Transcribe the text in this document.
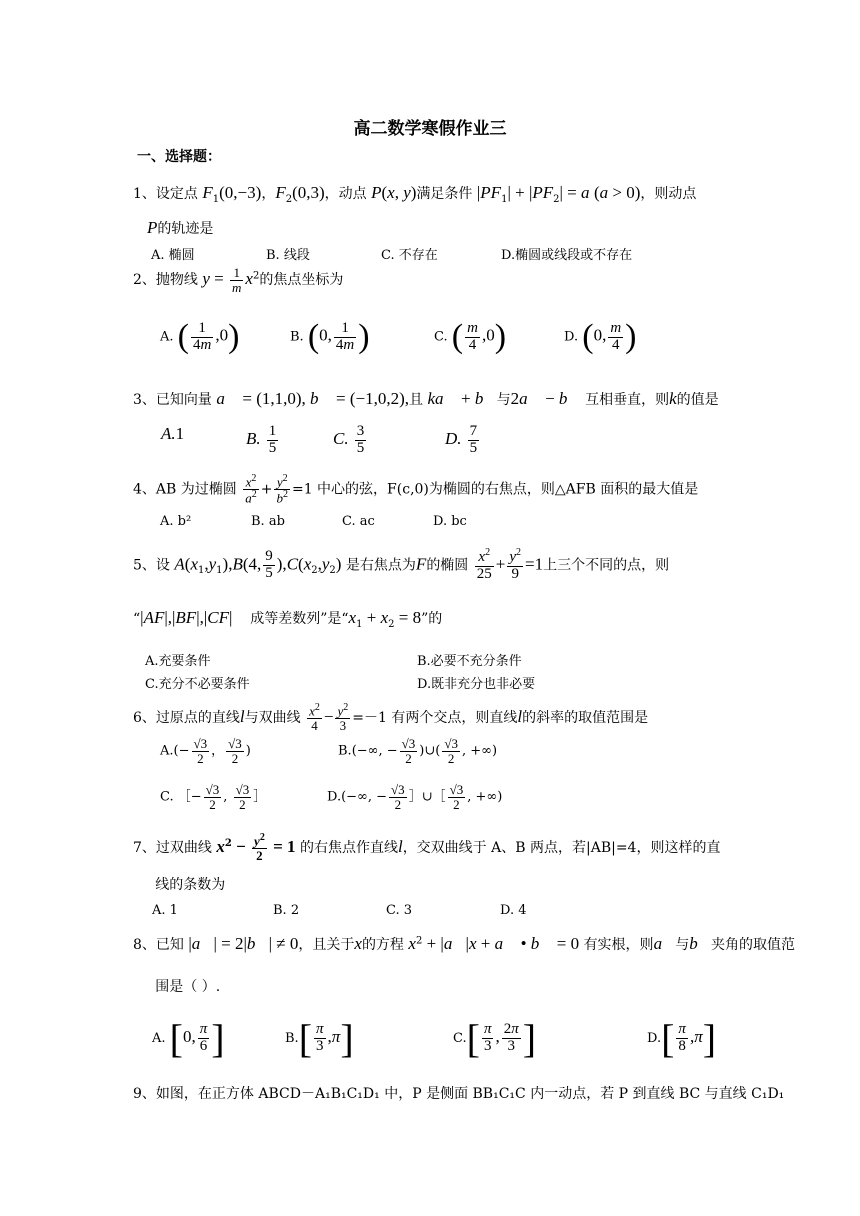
高二数学寒假作业三
一、选择题：
1、设定点 $F_1(0,-3)$，$F_2(0,3)$，动点 P(x, y)满足条件 $|PF_1| + |PF_2| = a$ (a > 0)，则动点
P的轨迹是
A. 椭圆	B. 线段	C. 不存在	D.椭圆或线段或不存在
2、抛物线 $y = \frac{1}{m} x^2$的焦点坐标为
A. ( $\frac{1}{4m} ,0$)	B. (0, $\frac{1}{4m}$ )	C. ( $\frac{m}{4} ,0$)	D. (0, $\frac{m}{4}$ )
3、已知向量 a⃗ = (1,1,0), b⃗ = (−1,0,2),且 ka⃗ + b⃗与2a⃗ − b⃗ 互相垂直，则k的值是
A.1	B. $\frac{1}{5}$	C. $\frac{3}{5}$	D. $\frac{7}{5}$
4、AB 为过椭圆 $\frac{x^2}{a^2} + \frac{y^2}{b^2} =1$ 中心的弦，F(c,0)为椭圆的右焦点，则△AFB 面积的最大值是
A. b²	B. ab	C. ac	D. bc
5、设 $A(x_1,y_1),B(4$, $\frac{9}{5} ),C(x_2,y_2)$ 是右焦点为F的椭圆 $\frac{x^2}{25} + \frac{y^2}{9} =1$上三个不同的点，则
“|AF|,|BF|,|CF| 成等差数列”是“$x_1 + x_2 = 8$”的
A.充要条件	B.必要不充分条件
C.充分不必要条件	D.既非充分也非必要
6、过原点的直线l与双曲线 $\frac{x^2}{4} - \frac{y^2}{3} =-1$ 有两个交点，则直线l的斜率的取值范围是
$A.(- \frac{√3}{2}$ ， $\frac{√3}{2}$ )	B.(−∞, − $\frac{√3}{2}$ )∪( $\frac{√3}{2}$ , +∞)
C. ［− $\frac{√3}{2}$ , $\frac{√3}{2}$ ］	D.(−∞, − $\frac{√3}{2}$ ］∪［ $\frac{√3}{2}$ , +∞)
7、过双曲线 $x^2 - \frac{y^2}{2} = 1$ 的右焦点作直线l，交双曲线于 A、B 两点，若|AB|=4，则这样的直
线的条数为
A. 1	B. 2	C. 3	D. 4
8、已知 |a⃗| = 2|b⃗| ≠ 0，且关于x的方程 $x^2$ + |a⃗|x + a⃗ • b⃗ = 0 有实根，则a⃗与b⃗夹角的取值范
围是（ ）.
A. [0, $\frac{\pi}{6}$ ]	$B.[ \frac{\pi}{3} ,\pi]$	$C.[ \frac{\pi}{3}$ , $\frac{2\pi}{3}$ ]	$D.[ \frac{\pi}{8} ,\pi]$
9、如图，在正方体 ABCD－A₁B₁C₁D₁ 中，P 是侧面 BB₁C₁C 内一动点，若 P 到直线 BC 与直线 C₁D₁
